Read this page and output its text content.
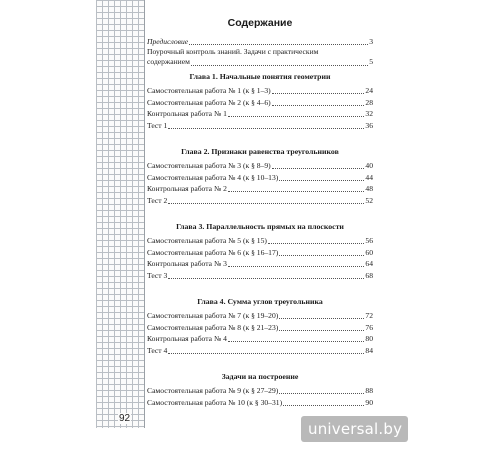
92
Содержание
Предисловие	3
Поурочный контроль знаний. Задачи с практическим
содержанием	5
Глава 1. Начальные понятия геометрии
Самостоятельная работа № 1 (к § 1–3)	24
Самостоятельная работа № 2 (к § 4–6)	28
Контрольная работа № 1	32
Тест 1	36
Глава 2. Признаки равенства треугольников
Самостоятельная работа № 3 (к § 8–9)	40
Самостоятельная работа № 4 (к § 10–13)	44
Контрольная работа № 2	48
Тест 2	52
Глава 3. Параллельность прямых на плоскости
Самостоятельная работа № 5 (к § 15)	56
Самостоятельная работа № 6 (к § 16–17)	60
Контрольная работа № 3	64
Тест 3	68
Глава 4. Сумма углов треугольника
Самостоятельная работа № 7 (к § 19–20)	72
Самостоятельная работа № 8 (к § 21–23)	76
Контрольная работа № 4	80
Тест 4	84
Задачи на построение
Самостоятельная работа № 9 (к § 27–29)	88
Самостоятельная работа № 10 (к § 30–31)	90
universal.by
